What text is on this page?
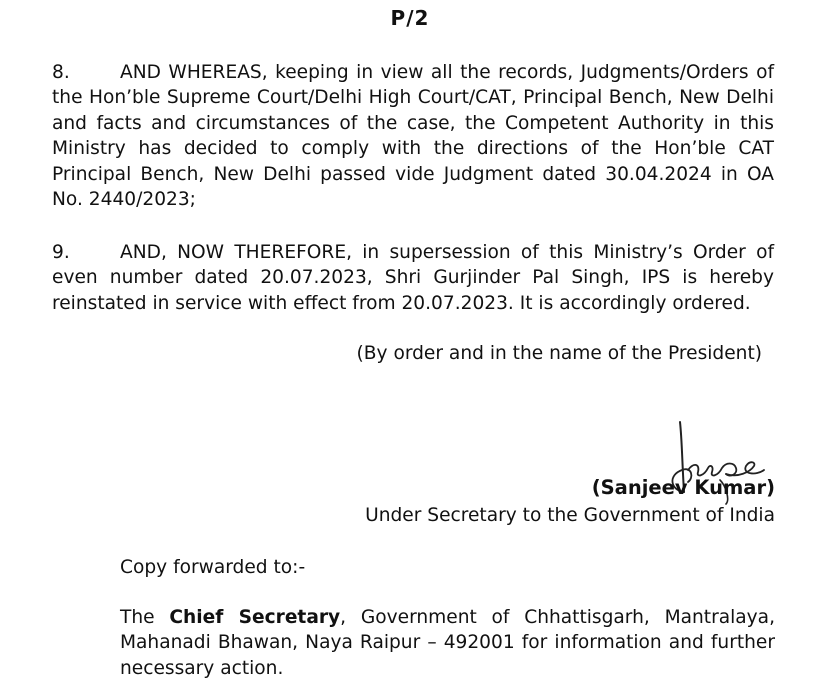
P/2
8.	AND WHEREAS, keeping in view all the records, Judgments/Orders of the Hon’ble Supreme Court/Delhi High Court/CAT, Principal Bench, New Delhi and facts and circumstances of the case, the Competent Authority in this Ministry has decided to comply with the directions of the Hon’ble CAT Principal Bench, New Delhi passed vide Judgment dated 30.04.2024 in OA No. 2440/2023;
9.	AND, NOW THEREFORE, in supersession of this Ministry’s Order of even number dated 20.07.2023, Shri Gurjinder Pal Singh, IPS is hereby reinstated in service with effect from 20.07.2023. It is accordingly ordered.
(By order and in the name of the President)
(Sanjeev Kumar)
Under Secretary to the Government of India
Copy forwarded to:-
The Chief Secretary, Government of Chhattisgarh, Mantralaya, Mahanadi Bhawan, Naya Raipur – 492001 for information and further necessary action.
